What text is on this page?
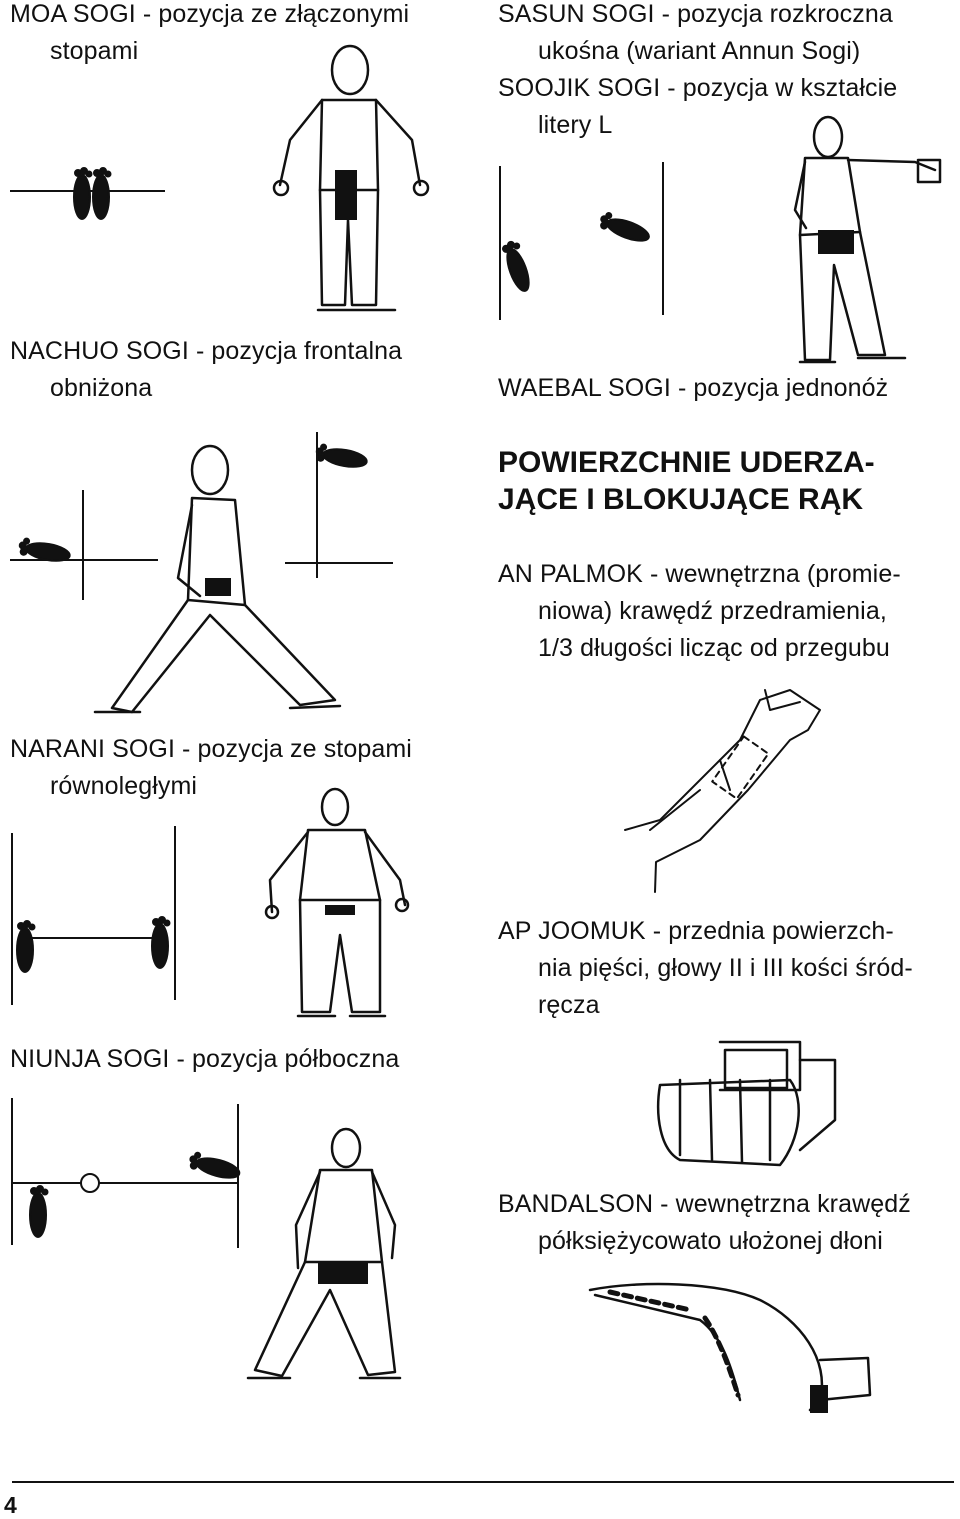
MOA SOGI - pozycja ze złączonymi
stopami

SASUN SOGI - pozycja rozkroczna
ukośna (wariant Annun Sogi)
SOOJIK SOGI - pozycja w kształcie
litery L

NACHUO SOGI - pozycja frontalna
obniżona	WAEBAL SOGI - pozycja jednonóż

POWIERZCHNIE UDERZA-
JĄCE I BLOKUJĄCE RĄK

AN PALMOK - wewnętrzna (promie-
niowa) krawędź przedramienia,
1/3 długości licząc od przegubu

NARANI SOGI - pozycja ze stopami
równoległymi

AP JOOMUK - przednia powierzch-
nia pięści, głowy II i III kości śród-
ręcza

NIUNJA SOGI - pozycja półboczna

BANDALSON - wewnętrzna krawędź
półksiężycowato ułożonej dłoni

4
